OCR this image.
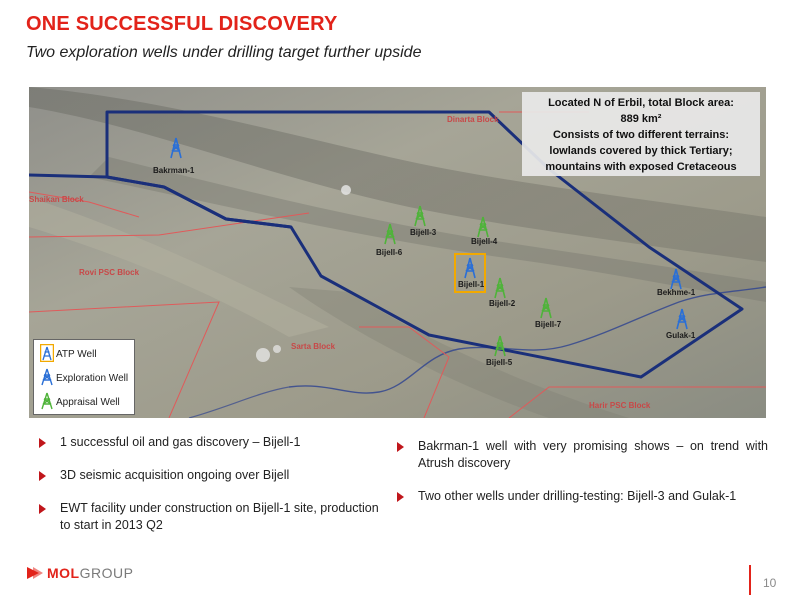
ONE SUCCESSFUL DISCOVERY
Two exploration wells under drilling target further upside
Bakrman-1
Bijell-3
Bijell-4
Bijell-6
Bijell-1
Bijell-2
Bijell-7
Bijell-5
Bekhme-1
Gulak-1
Dinarta Block
Shaikan Block
Rovi PSC Block
Sarta Block
Harir PSC Block
Located N of Erbil, total Block area:
889 km²
Consists of two different terrains:
lowlands covered by thick Tertiary;
mountains with exposed Cretaceous
ATP Well
Exploration Well
Appraisal Well
1 successful oil and gas discovery – Bijell-1
3D seismic acquisition ongoing over Bijell
EWT facility under construction on Bijell-1 site, production to start in 2013 Q2
Bakrman-1 well with very promising shows – on trend with Atrush discovery
Two other wells under drilling-testing: Bijell-3 and Gulak-1
MOLGROUP
10
